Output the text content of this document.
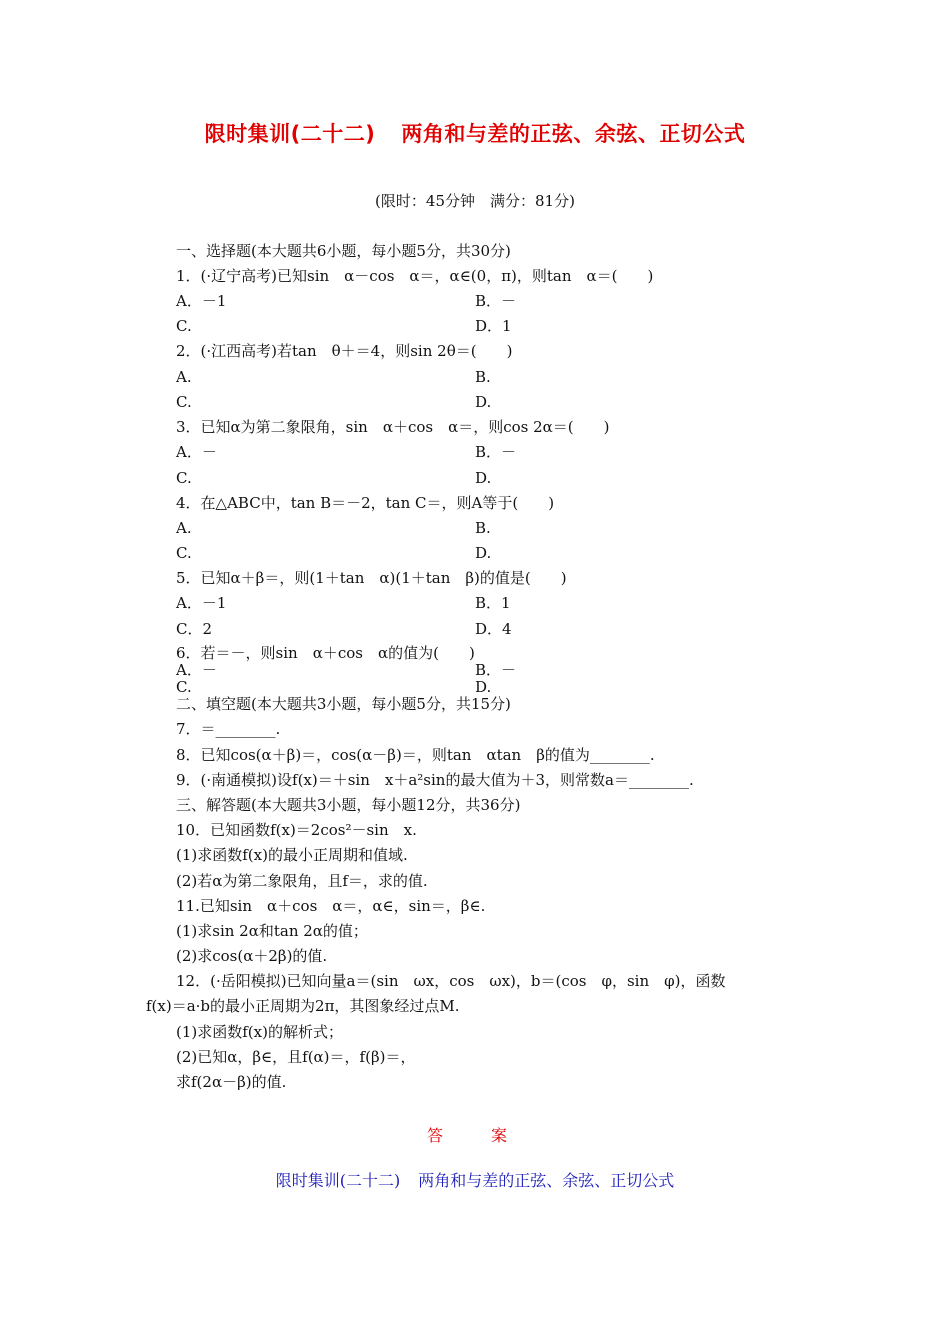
限时集训(二十二) 两角和与差的正弦、余弦、正切公式
(限时：45分钟　满分：81分)
一、选择题(本大题共6小题，每小题5分，共30分)
1．(·辽宁高考)已知sin　α－cos　α＝，α∈(0，π)，则tan　α＝(　　)
A．－1	B．－
C.	D．1
2．(·江西高考)若tan　θ＋＝4，则sin 2θ＝(　　)
A.	B.
C.	D.
3．已知α为第二象限角，sin　α＋cos　α＝，则cos 2α＝(　　)
A．－	B．－
C.	D.
4．在△ABC中，tan B＝－2，tan C＝，则A等于(　　)
A.	B.
C.	D.
5．已知α＋β＝，则(1＋tan　α)(1＋tan　β)的值是(　　)
A．－1	B．1
C．2	D．4
6．若＝－，则sin　α＋cos　α的值为(　　)
A．－	B．－
C.	D.
二、填空题(本大题共3小题，每小题5分，共15分)
7．＝________.
8．已知cos(α＋β)＝，cos(α－β)＝，则tan　αtan　β的值为________.
9．(·南通模拟)设f(x)＝＋sin　x＋a²sin的最大值为＋3，则常数a＝________.
三、解答题(本大题共3小题，每小题12分，共36分)
10．已知函数f(x)＝2cos²－sin　x.
(1)求函数f(x)的最小正周期和值域.
(2)若α为第二象限角，且f＝，求的值.
11.已知sin　α＋cos　α＝，α∈，sin＝，β∈.
(1)求sin 2α和tan 2α的值；
(2)求cos(α＋2β)的值.
12．(·岳阳模拟)已知向量a＝(sin　ωx，cos　ωx)，b＝(cos　φ，sin　φ)，函数
f(x)＝a·b的最小正周期为2π，其图象经过点M.
(1)求函数f(x)的解析式；
(2)已知α，β∈，且f(α)＝，f(β)＝，
求f(2α－β)的值.
答　案
限时集训(二十二) 两角和与差的正弦、余弦、正切公式
